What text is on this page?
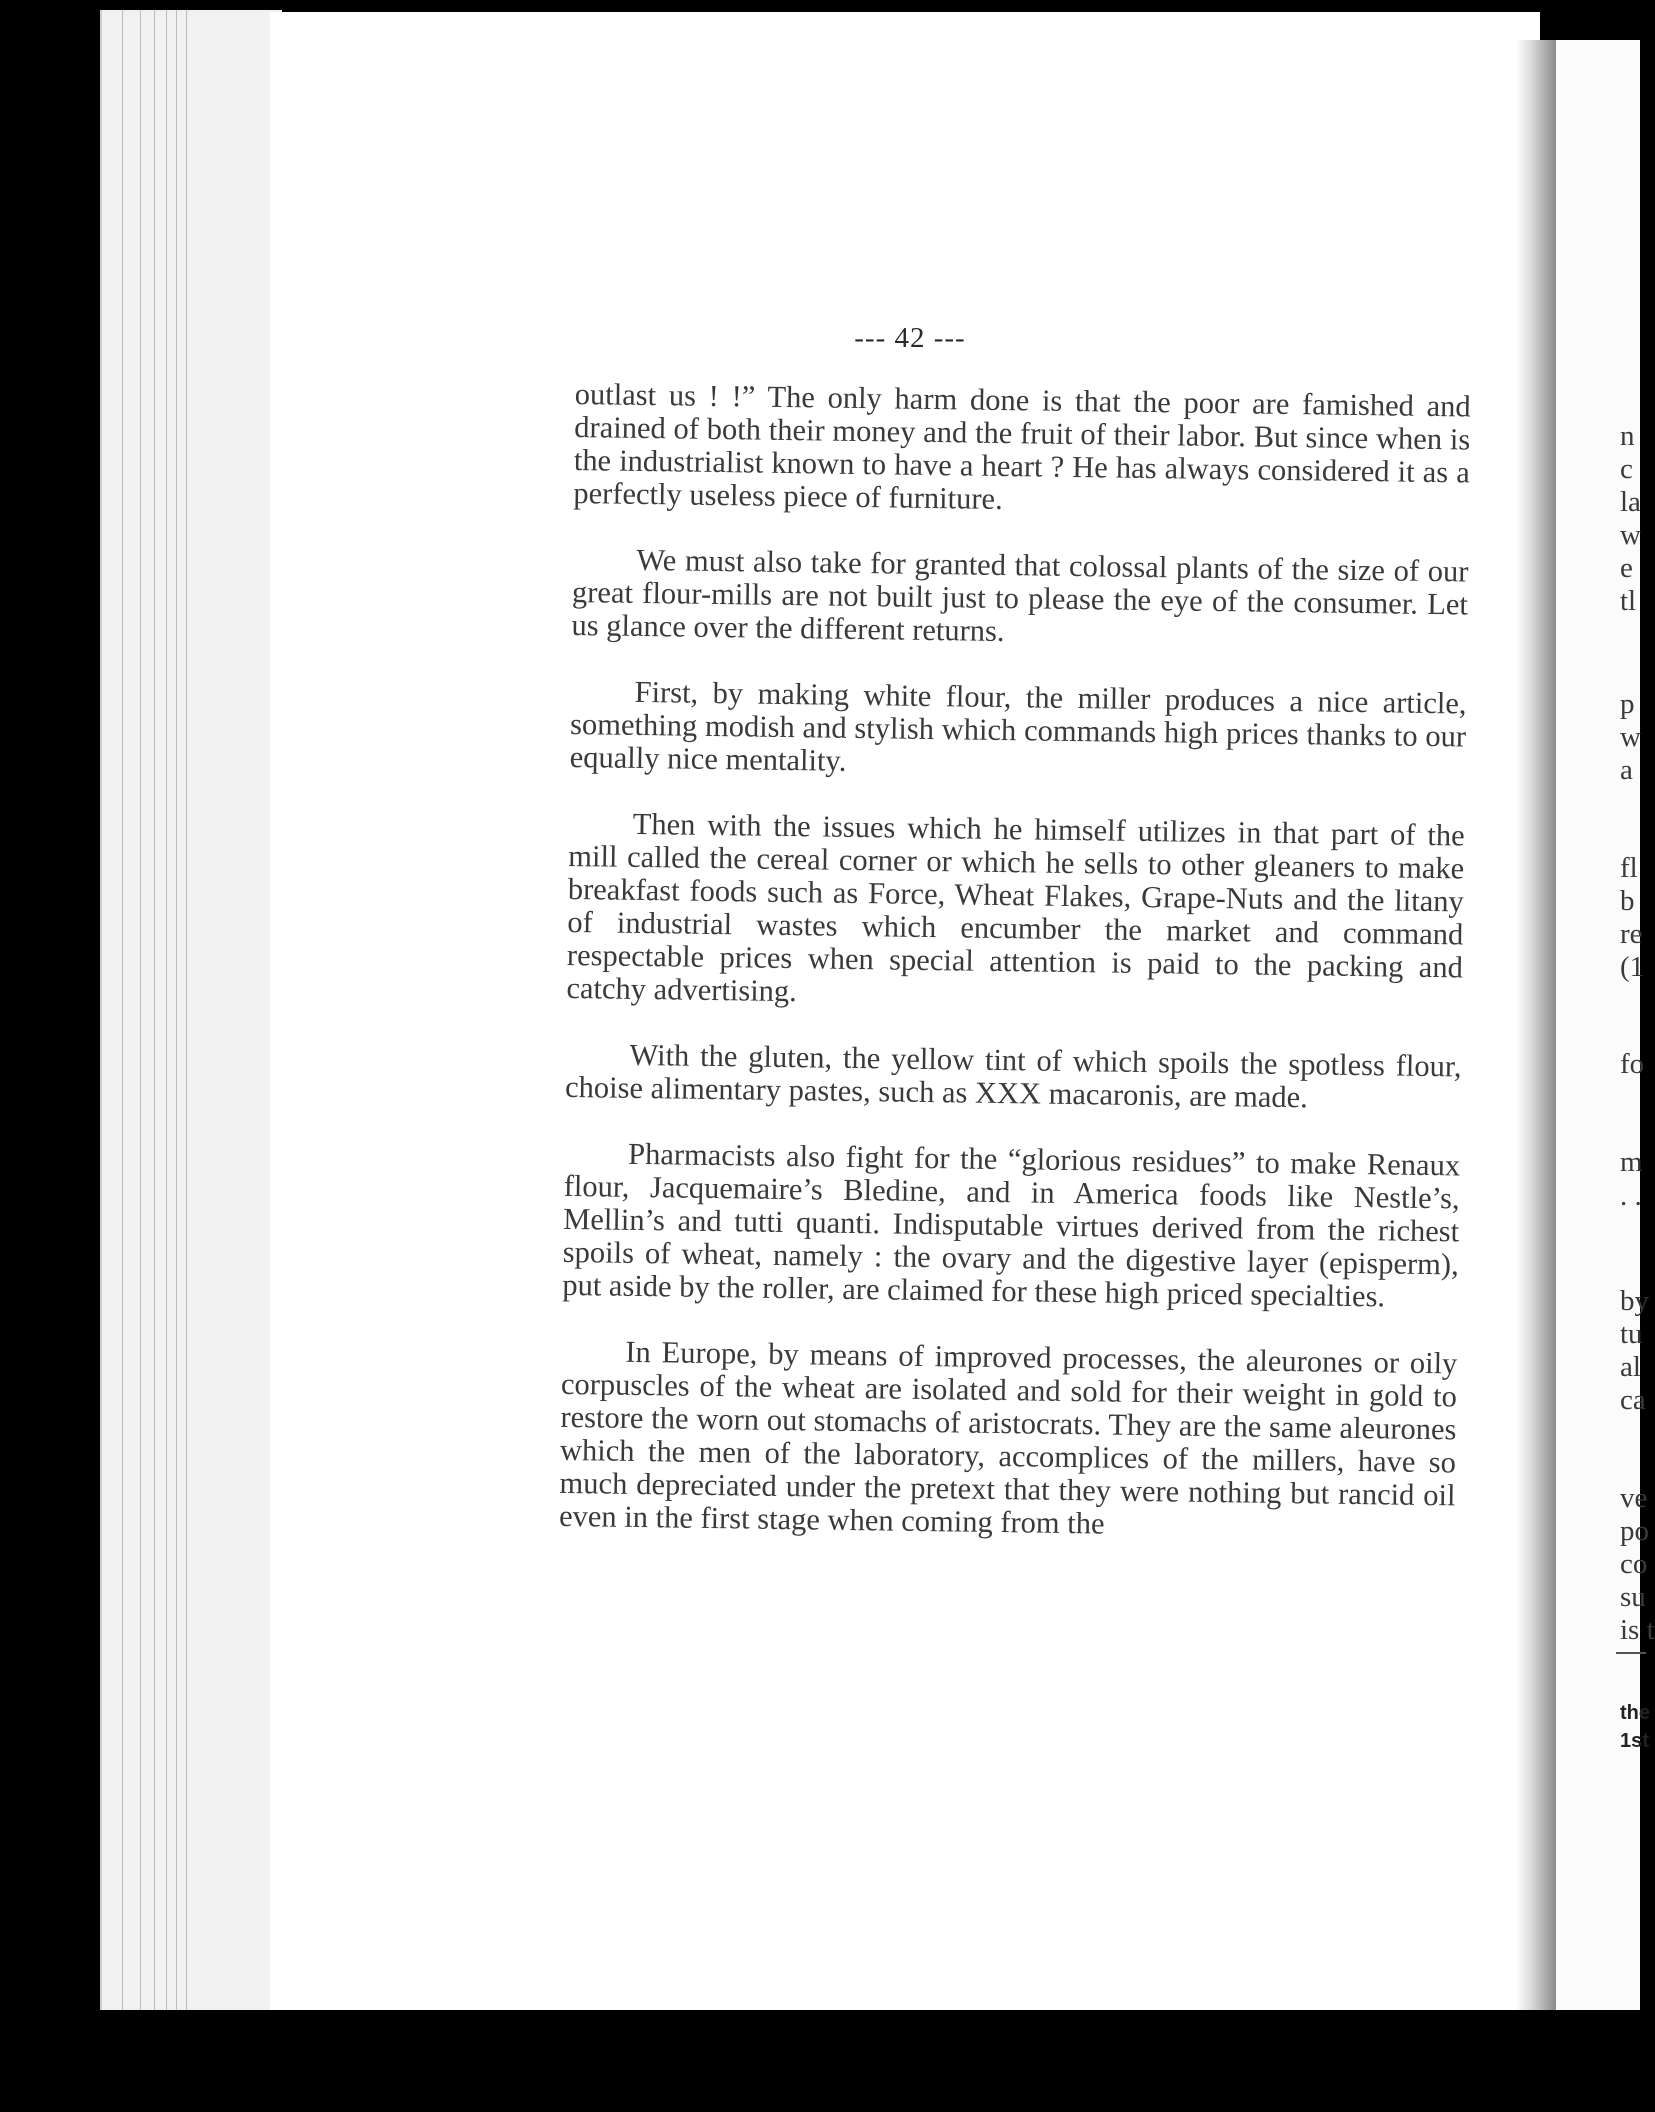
--- 42 ---

outlast us ! !” The only harm done is that the poor are famished and drained of both their money and the fruit of their labor. But since when is the industrialist known to have a heart ? He has always considered it as a perfectly useless piece of furniture.

We must also take for granted that colossal plants of the size of our great flour-mills are not built just to please the eye of the consumer. Let us glance over the different returns.

First, by making white flour, the miller produces a nice article, something modish and stylish which commands high prices thanks to our equally nice mentality.

Then with the issues which he himself utilizes in that part of the mill called the cereal corner or which he sells to other gleaners to make breakfast foods such as Force, Wheat Flakes, Grape-Nuts and the litany of industrial wastes which encumber the market and command respectable prices when special attention is paid to the packing and catchy advertising.

With the gluten, the yellow tint of which spoils the spotless flour, choise alimentary pastes, such as XXX macaronis, are made.

Pharmacists also fight for the “glorious residues” to make Renaux flour, Jacquemaire’s Bledine, and in America foods like Nestle’s, Mellin’s and tutti quanti. Indisputable virtues derived from the richest spoils of wheat, namely : the ovary and the digestive layer (episperm), put aside by the roller, are claimed for these high priced specialties.

In Europe, by means of improved processes, the aleurones or oily corpuscles of the wheat are isolated and sold for their weight in gold to restore the worn out stomachs of aristocrats. They are the same aleurones which the men of the laboratory, accomplices of the millers, have so much depreciated under the pretext that they were nothing but rancid oil even in the first stage when coming from the

n
c
la
w
e
tl
p
w
a
fl
b
re
(1
fo
m
. .
by
tu
al
ca
ve
po
co
su
is t
the
1st
